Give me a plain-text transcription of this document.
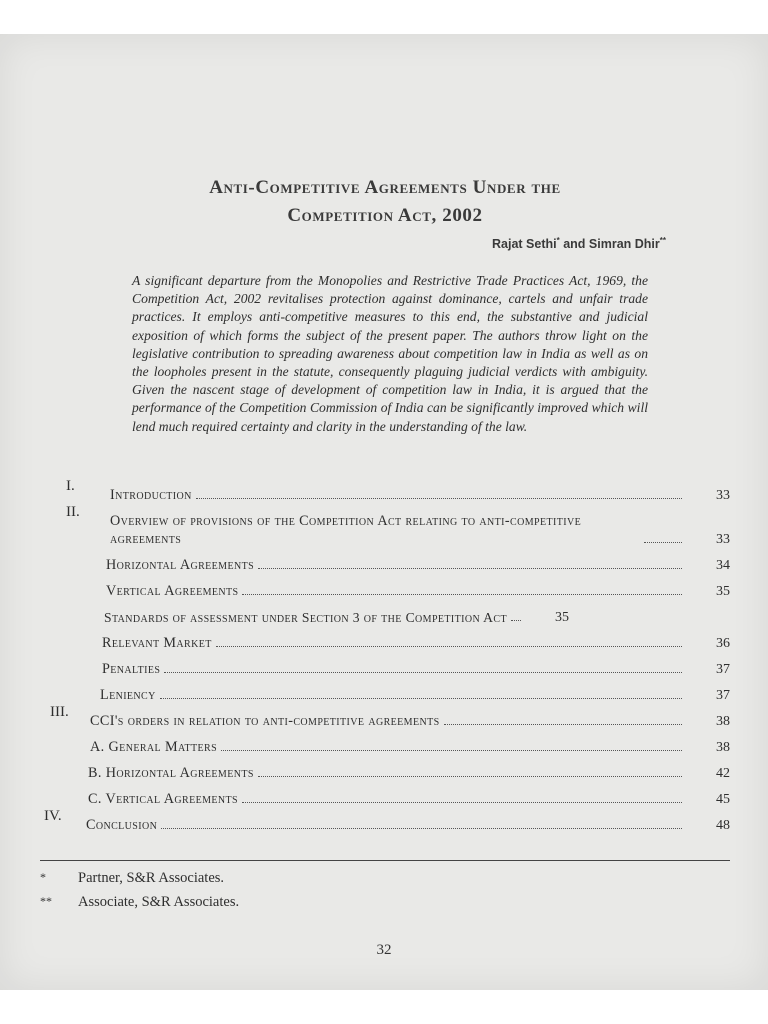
Anti-Competitive Agreements Under the
Competition Act, 2002
Rajat Sethi* and Simran Dhir**

A significant departure from the Monopolies and Restrictive Trade Practices Act, 1969, the Competition Act, 2002 revitalises protection against dominance, cartels and unfair trade practices. It employs anti-competitive measures to this end, the substantive and judicial exposition of which forms the subject of the present paper. The authors throw light on the legislative contribution to spreading awareness about competition law in India as well as on the loopholes present in the statute, consequently plaguing judicial verdicts with ambiguity. Given the nascent stage of development of competition law in India, it is argued that the performance of the Competition Commission of India can be significantly improved which will lend much required certainty and clarity in the understanding of the law.

I.
Introduction	33
II.
Overview of provisions of the Competition Act relating to anti-competitive agreements	33
Horizontal Agreements	34
Vertical Agreements	35
Standards of assessment under Section 3 of the Competition Act	35
Relevant Market	36
Penalties	37
Leniency	37
III.
CCI's orders in relation to anti-competitive agreements	38
A. General Matters	38
B. Horizontal Agreements	42
C. Vertical Agreements	45
IV.
Conclusion	48
*	Partner, S&R Associates.
**	Associate, S&R Associates.
32
